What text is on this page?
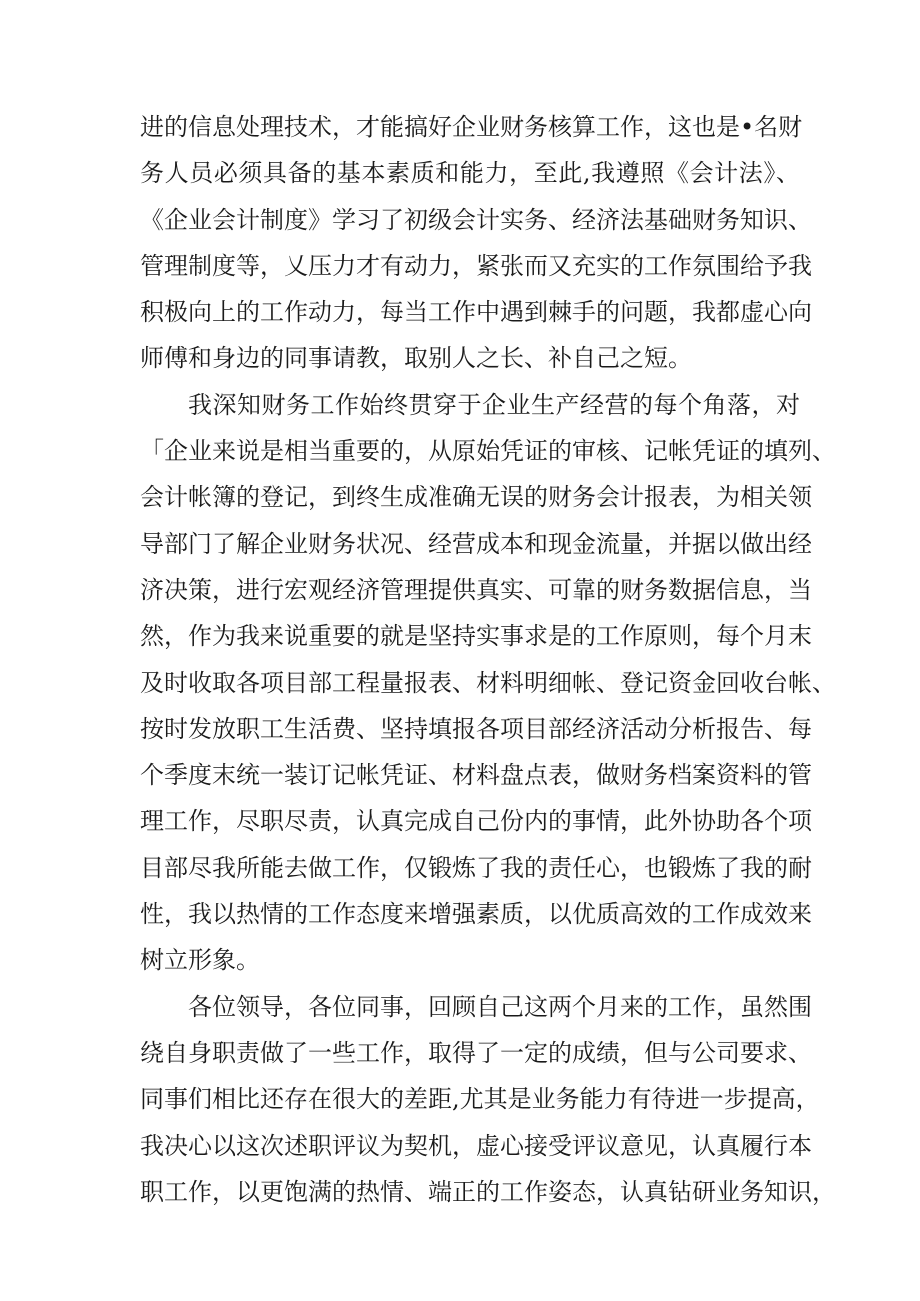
进的信息处理技术，才能搞好企业财务核算工作，这也是•名财
务人员必须具备的基本素质和能力，至此,我遵照《会计法》、
《企业会计制度》学习了初级会计实务、经济法基础财务知识、
管理制度等，乂压力才有动力，紧张而又充实的工作氛围给予我
积极向上的工作动力，每当工作中遇到棘手的问题，我都虚心向
师傅和身边的同事请教，取别人之长、补自己之短。
我深知财务工作始终贯穿于企业生产经营的每个角落，对
「企业来说是相当重要的，从原始凭证的审核、记帐凭证的填列、
会计帐簿的登记，到终生成准确无误的财务会计报表，为相关领
导部门了解企业财务状况、经营成本和现金流量，并据以做出经
济决策，进行宏观经济管理提供真实、可靠的财务数据信息，当
然，作为我来说重要的就是坚持实事求是的工作原则，每个月末
及时收取各项目部工程量报表、材料明细帐、登记资金回收台帐、
按时发放职工生活费、坚持填报各项目部经济活动分析报告、每
个季度末统一装订记帐凭证、材料盘点表，做财务档案资料的管
理工作，尽职尽责，认真完成自己份内的事情，此外协助各个项
目部尽我所能去做工作，仅锻炼了我的责任心，也锻炼了我的耐
性，我以热情的工作态度来增强素质，以优质高效的工作成效来
树立形象。
各位领导，各位同事，回顾自己这两个月来的工作，虽然围
绕自身职责做了一些工作，取得了一定的成绩，但与公司要求、
同事们相比还存在很大的差距,尤其是业务能力有待进一步提高，
我决心以这次述职评议为契机，虚心接受评议意见，认真履行本
职工作，以更饱满的热情、端正的工作姿态，认真钻研业务知识，
